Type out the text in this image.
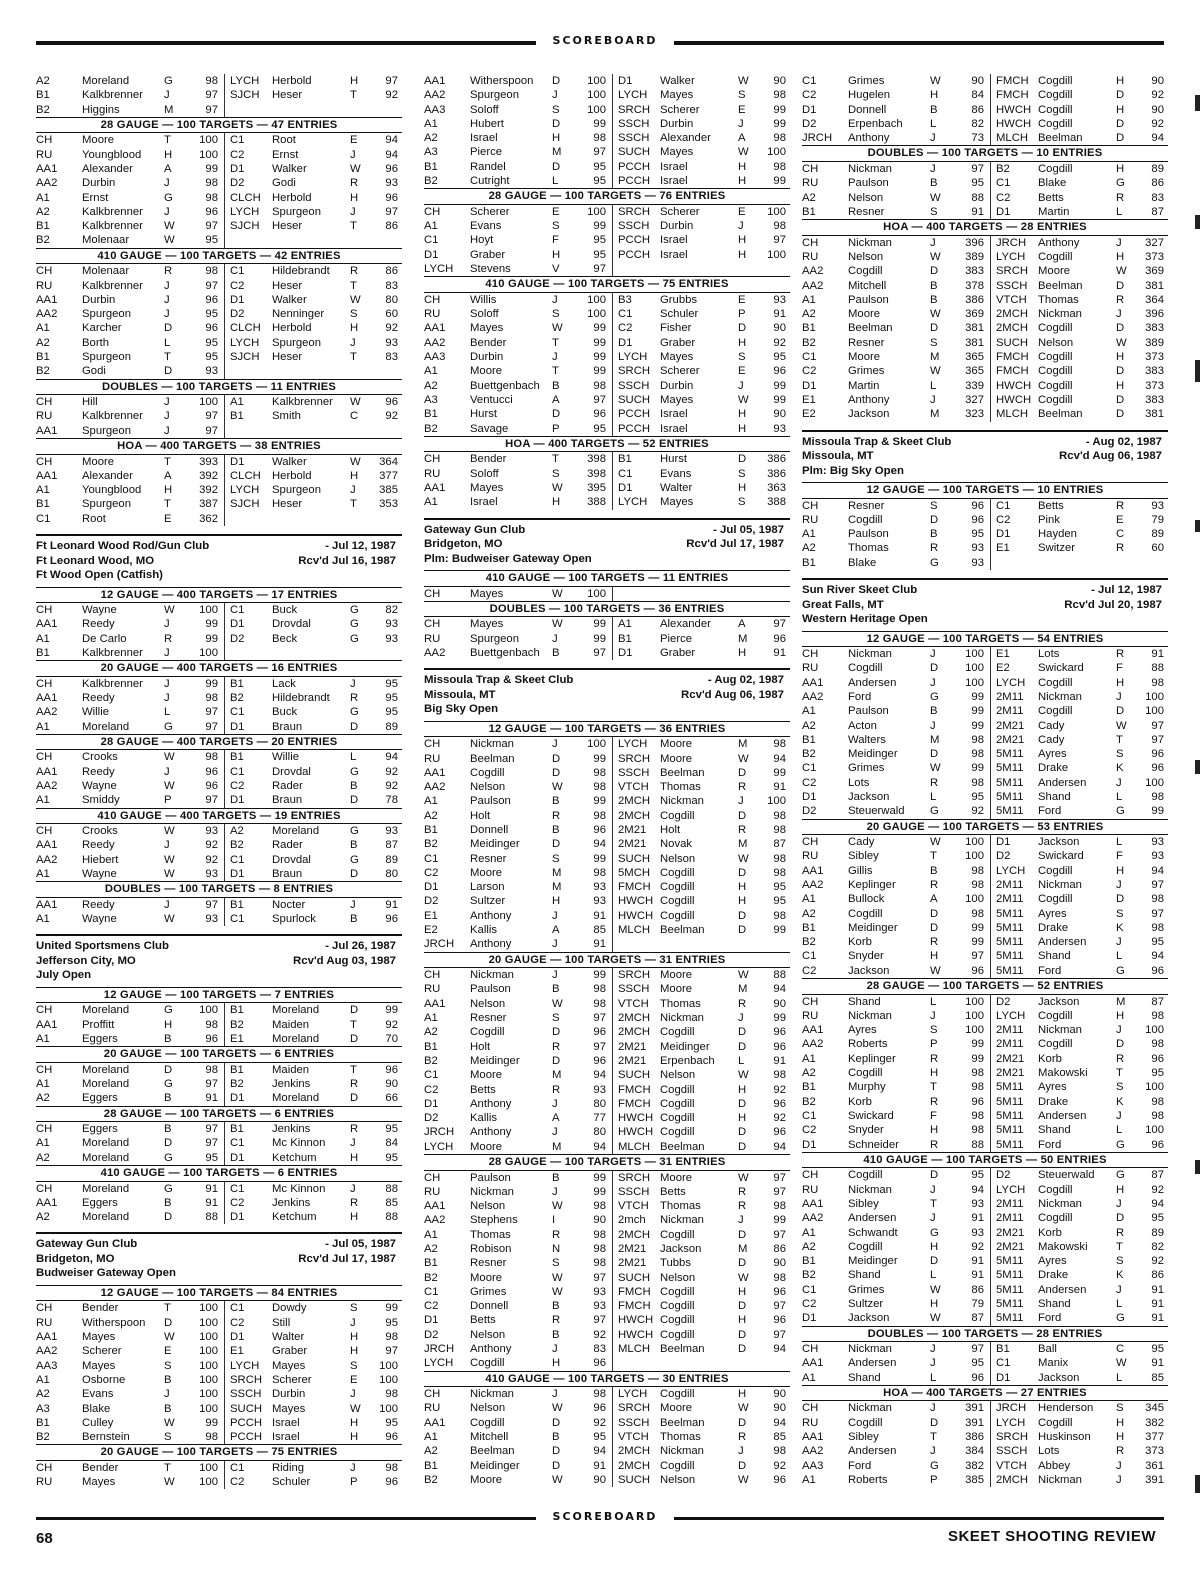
SCOREBOARD
A2	Moreland	G	98	LYCH	Herbold	H	97
B1	Kalkbrenner	J	97	SJCH	Heser	T	92
B2	Higgins	M	97
28 GAUGE — 100 TARGETS — 47 ENTRIES
CH	Moore	T	100	C1	Root	E	94
RU	Youngblood	H	100	C2	Ernst	J	94
AA1	Alexander	A	99	D1	Walker	W	96
AA2	Durbin	J	98	D2	Godi	R	93
A1	Ernst	G	98	CLCH Herbold	H	96
A2	Kalkbrenner	J	96	LYCH	Spurgeon	J	97
B1	Kalkbrenner	W	97	SJCH	Heser	T	86
B2	Molenaar	W	95
410 GAUGE — 100 TARGETS — 42 ENTRIES
CH	Molenaar	R	98	C1	Hildebrandt	R	86
RU	Kalkbrenner	J	97	C2	Heser	T	83
AA1	Durbin	J	96	D1	Walker	W	80
AA2	Spurgeon	J	95	D2	Nenninger	S	60
A1	Karcher	D	96	CLCH Herbold	H	92
A2	Borth	L	95	LYCH	Spurgeon	J	93
B1	Spurgeon	T	95	SJCH	Heser	T	83
B2	Godi	D	93
DOUBLES — 100 TARGETS — 11 ENTRIES
CH	Hill	J	100	A1	Kalkbrenner	W	96
RU	Kalkbrenner	J	97	B1	Smith	C	92
AA1	Spurgeon	J	97
HOA — 400 TARGETS — 38 ENTRIES
CH	Moore	T	393	D1	Walker	W	364
AA1	Alexander	A	392	CLCH Herbold	H	377
A1	Youngblood	H	392	LYCH	Spurgeon	J	385
B1	Spurgeon	T	387	SJCH	Heser	T	353
C1	Root	E	362
Ft Leonard Wood Rod/Gun Club	- Jul 12, 1987
Ft Leonard Wood, MO	Rcv'd Jul 16, 1987
Ft Wood Open (Catfish)
12 GAUGE — 400 TARGETS — 17 ENTRIES
CH	Wayne	W	100	C1	Buck	G	82
AA1	Reedy	J	99	D1	Drovdal	G	93
A1	De Carlo	R	99	D2	Beck	G	93
B1	Kalkbrenner	J	100
20 GAUGE — 400 TARGETS — 16 ENTRIES
CH	Kalkbrenner	J	99	B1	Lack	J	95
AA1	Reedy	J	98	B2	Hildebrandt	R	95
AA2	Willie	L	97	C1	Buck	G	95
A1	Moreland	G	97	D1	Braun	D	89
28 GAUGE — 400 TARGETS — 20 ENTRIES
CH	Crooks	W	98	B1	Willie	L	94
AA1	Reedy	J	96	C1	Drovdal	G	92
AA2	Wayne	W	96	C2	Rader	B	92
A1	Smiddy	P	97	D1	Braun	D	78
410 GAUGE — 400 TARGETS — 19 ENTRIES
CH	Crooks	W	93	A2	Moreland	G	93
AA1	Reedy	J	92	B2	Rader	B	87
AA2	Hiebert	W	92	C1	Drovdal	G	89
A1	Wayne	W	93	D1	Braun	D	80
DOUBLES — 100 TARGETS — 8 ENTRIES
AA1	Reedy	J	97	B1	Nocter	J	91
A1	Wayne	W	93	C1	Spurlock	B	96
United Sportsmens Club	- Jul 26, 1987
Jefferson City, MO	Rcv'd Aug 03, 1987
July Open
12 GAUGE — 100 TARGETS — 7 ENTRIES
CH	Moreland	G	100	B1	Moreland	D	99
AA1	Proffitt	H	98	B2	Maiden	T	92
A1	Eggers	B	96	E1	Moreland	D	70
20 GAUGE — 100 TARGETS — 6 ENTRIES
CH	Moreland	D	98	B1	Maiden	T	96
A1	Moreland	G	97	B2	Jenkins	R	90
A2	Eggers	B	91	D1	Moreland	D	66
28 GAUGE — 100 TARGETS — 6 ENTRIES
CH	Eggers	B	97	B1	Jenkins	R	95
A1	Moreland	D	97	C1	Mc Kinnon	J	84
A2	Moreland	G	95	D1	Ketchum	H	95
410 GAUGE — 100 TARGETS — 6 ENTRIES
CH	Moreland	G	91	C1	Mc Kinnon	J	88
AA1	Eggers	B	91	C2	Jenkins	R	85
A2	Moreland	D	88	D1	Ketchum	H	88
Gateway Gun Club	- Jul 05, 1987
Bridgeton, MO	Rcv'd Jul 17, 1987
Budweiser Gateway Open
12 GAUGE — 100 TARGETS — 84 ENTRIES
CH	Bender	T	100	C1	Dowdy	S	99
RU	Witherspoon	D	100	C2	Still	J	95
AA1	Mayes	W	100	D1	Walter	H	98
AA2	Scherer	E	100	E1	Graber	H	97
AA3	Mayes	S	100	LYCH	Mayes	S	100
A1	Osborne	B	100	SRCH Scherer	E	100
A2	Evans	J	100	SSCH Durbin	J	98
A3	Blake	B	100	SUCH Mayes	W	100
B1	Culley	W	99	PCCH Israel	H	95
B2	Bernstein	S	98	PCCH Israel	H	96
20 GAUGE — 100 TARGETS — 75 ENTRIES
CH	Bender	T	100	C1	Riding	J	98
RU	Mayes	W	100	C2	Schuler	P	96
AA1	Witherspoon	D	100	D1	Walker	W	90
AA2	Spurgeon	J	100	LYCH	Mayes	S	98
AA3	Soloff	S	100	SRCH Scherer	E	99
A1	Hubert	D	99	SSCH Durbin	J	99
A2	Israel	H	98	SSCH Alexander	A	98
A3	Pierce	M	97	SUCH Mayes	W	100
B1	Randel	D	95	PCCH Israel	H	98
B2	Cutright	L	95	PCCH Israel	H	99
28 GAUGE — 100 TARGETS — 76 ENTRIES
CH	Scherer	E	100	SRCH Scherer	E	100
A1	Evans	S	99	SSCH Durbin	J	98
C1	Hoyt	F	95	PCCH Israel	H	97
D1	Graber	H	95	PCCH Israel	H	100
LYCH	Stevens	V	97
410 GAUGE — 100 TARGETS — 75 ENTRIES
CH	Willis	J	100	B3	Grubbs	E	93
RU	Soloff	S	100	C1	Schuler	P	91
AA1	Mayes	W	99	C2	Fisher	D	90
AA2	Bender	T	99	D1	Graber	H	92
AA3	Durbin	J	99	LYCH	Mayes	S	95
A1	Moore	T	99	SRCH Scherer	E	96
A2	Buettgenbach	B	98	SSCH Durbin	J	99
A3	Ventucci	A	97	SUCH Mayes	W	99
B1	Hurst	D	96	PCCH Israel	H	90
B2	Savage	P	95	PCCH Israel	H	93
HOA — 400 TARGETS — 52 ENTRIES
CH	Bender	T	398	B1	Hurst	D	386
RU	Soloff	S	398	C1	Evans	S	386
AA1	Mayes	W	395	D1	Walter	H	363
A1	Israel	H	388	LYCH	Mayes	S	388
Gateway Gun Club	- Jul 05, 1987
Bridgeton, MO	Rcv'd Jul 17, 1987
Plm: Budweiser Gateway Open
410 GAUGE — 100 TARGETS — 11 ENTRIES
CH	Mayes	W	100
DOUBLES — 100 TARGETS — 36 ENTRIES
CH	Mayes	W	99	A1	Alexander	A	97
RU	Spurgeon	J	99	B1	Pierce	M	96
AA2	Buettgenbach	B	97	D1	Graber	H	91
Missoula Trap & Skeet Club	- Aug 02, 1987
Missoula, MT	Rcv'd Aug 06, 1987
Big Sky Open
12 GAUGE — 100 TARGETS — 36 ENTRIES
CH	Nickman	J	100	LYCH	Moore	M	98
RU	Beelman	D	99	SRCH Moore	W	94
AA1	Cogdill	D	98	SSCH Beelman	D	99
AA2	Nelson	W	98	VTCH Thomas	R	91
A1	Paulson	B	99	2MCH Nickman	J	100
A2	Holt	R	98	2MCH Cogdill	D	98
B1	Donnell	B	96	2M21	Holt	R	98
B2	Meidinger	D	94	2M21	Novak	M	87
C1	Resner	S	99	SUCH Nelson	W	98
C2	Moore	M	98	5MCH Cogdill	D	98
D1	Larson	M	93	FMCH Cogdill	H	95
D2	Sultzer	H	93	HWCH Cogdill	H	95
E1	Anthony	J	91	HWCH Cogdill	D	98
E2	Kallis	A	85	MLCH Beelman	D	99
JRCH	Anthony	J	91
20 GAUGE — 100 TARGETS — 31 ENTRIES
CH	Nickman	J	99	SRCH Moore	W	88
RU	Paulson	B	98	SSCH Moore	M	94
AA1	Nelson	W	98	VTCH Thomas	R	90
A1	Resner	S	97	2MCH Nickman	J	99
A2	Cogdill	D	96	2MCH Cogdill	D	96
B1	Holt	R	97	2M21	Meidinger	D	96
B2	Meidinger	D	96	2M21	Erpenbach	L	91
C1	Moore	M	94	SUCH Nelson	W	98
C2	Betts	R	93	FMCH Cogdill	H	92
D1	Anthony	J	80	FMCH Cogdill	D	96
D2	Kallis	A	77	HWCH Cogdill	H	92
JRCH	Anthony	J	80	HWCH Cogdill	D	96
LYCH	Moore	M	94	MLCH Beelman	D	94
28 GAUGE — 100 TARGETS — 31 ENTRIES
CH	Paulson	B	99	SRCH Moore	W	97
RU	Nickman	J	99	SSCH Betts	R	97
AA1	Nelson	W	98	VTCH Thomas	R	98
AA2	Stephens	I	90	2mch	Nickman	J	99
A1	Thomas	R	98	2MCH Cogdill	D	97
A2	Robison	N	98	2M21	Jackson	M	86
B1	Resner	S	98	2M21	Tubbs	D	90
B2	Moore	W	97	SUCH Nelson	W	98
C1	Grimes	W	93	FMCH Cogdill	H	96
C2	Donnell	B	93	FMCH Cogdill	D	97
D1	Betts	R	97	HWCH Cogdill	H	96
D2	Nelson	B	92	HWCH Cogdill	D	97
JRCH	Anthony	J	83	MLCH Beelman	D	94
LYCH	Cogdill	H	96
410 GAUGE — 100 TARGETS — 30 ENTRIES
CH	Nickman	J	98	LYCH	Cogdill	H	90
RU	Nelson	W	96	SRCH Moore	W	90
AA1	Cogdill	D	92	SSCH Beelman	D	94
A1	Mitchell	B	95	VTCH Thomas	R	85
A2	Beelman	D	94	2MCH Nickman	J	98
B1	Meidinger	D	91	2MCH Cogdill	D	92
B2	Moore	W	90	SUCH Nelson	W	96
C1	Grimes	W	90	FMCH Cogdill	H	90
C2	Hugelen	H	84	FMCH Cogdill	D	92
D1	Donnell	B	86	HWCH Cogdill	H	90
D2	Erpenbach	L	82	HWCH Cogdill	D	92
JRCH	Anthony	J	73	MLCH Beelman	D	94
DOUBLES — 100 TARGETS — 10 ENTRIES
CH	Nickman	J	97	B2	Cogdill	H	89
RU	Paulson	B	95	C1	Blake	G	86
A2	Nelson	W	88	C2	Betts	R	83
B1	Resner	S	91	D1	Martin	L	87
HOA — 400 TARGETS — 28 ENTRIES
CH	Nickman	J	396	JRCH	Anthony	J	327
RU	Nelson	W	389	LYCH	Cogdill	H	373
AA2	Cogdill	D	383	SRCH Moore	W	369
AA2	Mitchell	B	378	SSCH Beelman	D	381
A1	Paulson	B	386	VTCH Thomas	R	364
A2	Moore	W	369	2MCH Nickman	J	396
B1	Beelman	D	381	2MCH Cogdill	D	383
B2	Resner	S	381	SUCH Nelson	W	389
C1	Moore	M	365	FMCH Cogdill	H	373
C2	Grimes	W	365	FMCH Cogdill	D	383
D1	Martin	L	339	HWCH Cogdill	H	373
E1	Anthony	J	327	HWCH Cogdill	D	383
E2	Jackson	M	323	MLCH Beelman	D	381
Missoula Trap & Skeet Club	- Aug 02, 1987
Missoula, MT	Rcv'd Aug 06, 1987
Plm: Big Sky Open
12 GAUGE — 100 TARGETS — 10 ENTRIES
CH	Resner	S	96	C1	Betts	R	93
RU	Cogdill	D	96	C2	Pink	E	79
A1	Paulson	B	95	D1	Hayden	C	89
A2	Thomas	R	93	E1	Switzer	R	60
B1	Blake	G	93
Sun River Skeet Club	- Jul 12, 1987
Great Falls, MT	Rcv'd Jul 20, 1987
Western Heritage Open
12 GAUGE — 100 TARGETS — 54 ENTRIES
CH	Nickman	J	100	E1	Lots	R	91
RU	Cogdill	D	100	E2	Swickard	F	88
AA1	Andersen	J	100	LYCH	Cogdill	H	98
AA2	Ford	G	99	2M11	Nickman	J	100
A1	Paulson	B	99	2M11	Cogdill	D	100
A2	Acton	J	99	2M21	Cady	W	97
B1	Walters	M	98	2M21	Cady	T	97
B2	Meidinger	D	98	5M11	Ayres	S	96
C1	Grimes	W	99	5M11	Drake	K	96
C2	Lots	R	98	5M11	Andersen	J	100
D1	Jackson	L	95	5M11	Shand	L	98
D2	Steuerwald	G	92	5M11	Ford	G	99
20 GAUGE — 100 TARGETS — 53 ENTRIES
CH	Cady	W	100	D1	Jackson	L	93
RU	Sibley	T	100	D2	Swickard	F	93
AA1	Gillis	B	98	LYCH	Cogdill	H	94
AA2	Keplinger	R	98	2M11	Nickman	J	97
A1	Bullock	A	100	2M11	Cogdill	D	98
A2	Cogdill	D	98	5M11	Ayres	S	97
B1	Meidinger	D	99	5M11	Drake	K	98
B2	Korb	R	99	5M11	Andersen	J	95
C1	Snyder	H	97	5M11	Shand	L	94
C2	Jackson	W	96	5M11	Ford	G	96
28 GAUGE — 100 TARGETS — 52 ENTRIES
CH	Shand	L	100	D2	Jackson	M	87
RU	Nickman	J	100	LYCH	Cogdill	H	98
AA1	Ayres	S	100	2M11	Nickman	J	100
AA2	Roberts	P	99	2M11	Cogdill	D	98
A1	Keplinger	R	99	2M21	Korb	R	96
A2	Cogdill	H	98	2M21	Makowski	T	95
B1	Murphy	T	98	5M11	Ayres	S	100
B2	Korb	R	96	5M11	Drake	K	98
C1	Swickard	F	98	5M11	Andersen	J	98
C2	Snyder	H	98	5M11	Shand	L	100
D1	Schneider	R	88	5M11	Ford	G	96
410 GAUGE — 100 TARGETS — 50 ENTRIES
CH	Cogdill	D	95	D2	Steuerwald	G	87
RU	Nickman	J	94	LYCH	Cogdill	H	92
AA1	Sibley	T	93	2M11	Nickman	J	94
AA2	Andersen	J	91	2M11	Cogdill	D	95
A1	Schwandt	G	93	2M21	Korb	R	89
A2	Cogdill	H	92	2M21	Makowski	T	82
B1	Meidinger	D	91	5M11	Ayres	S	92
B2	Shand	L	91	5M11	Drake	K	86
C1	Grimes	W	86	5M11	Andersen	J	91
C2	Sultzer	H	79	5M11	Shand	L	91
D1	Jackson	W	87	5M11	Ford	G	91
DOUBLES — 100 TARGETS — 28 ENTRIES
CH	Nickman	J	97	B1	Ball	C	95
AA1	Andersen	J	95	C1	Manix	W	91
A1	Shand	L	96	D1	Jackson	L	85
HOA — 400 TARGETS — 27 ENTRIES
CH	Nickman	J	391	JRCH	Henderson	S	345
RU	Cogdill	D	391	LYCH	Cogdill	H	382
AA1	Sibley	T	386	SRCH Huskinson	H	377
AA2	Andersen	J	384	SSCH Lots	R	373
AA3	Ford	G	382	VTCH Abbey	J	361
A1	Roberts	P	385	2MCH Nickman	J	391
SCOREBOARD
68	SKEET SHOOTING REVIEW
